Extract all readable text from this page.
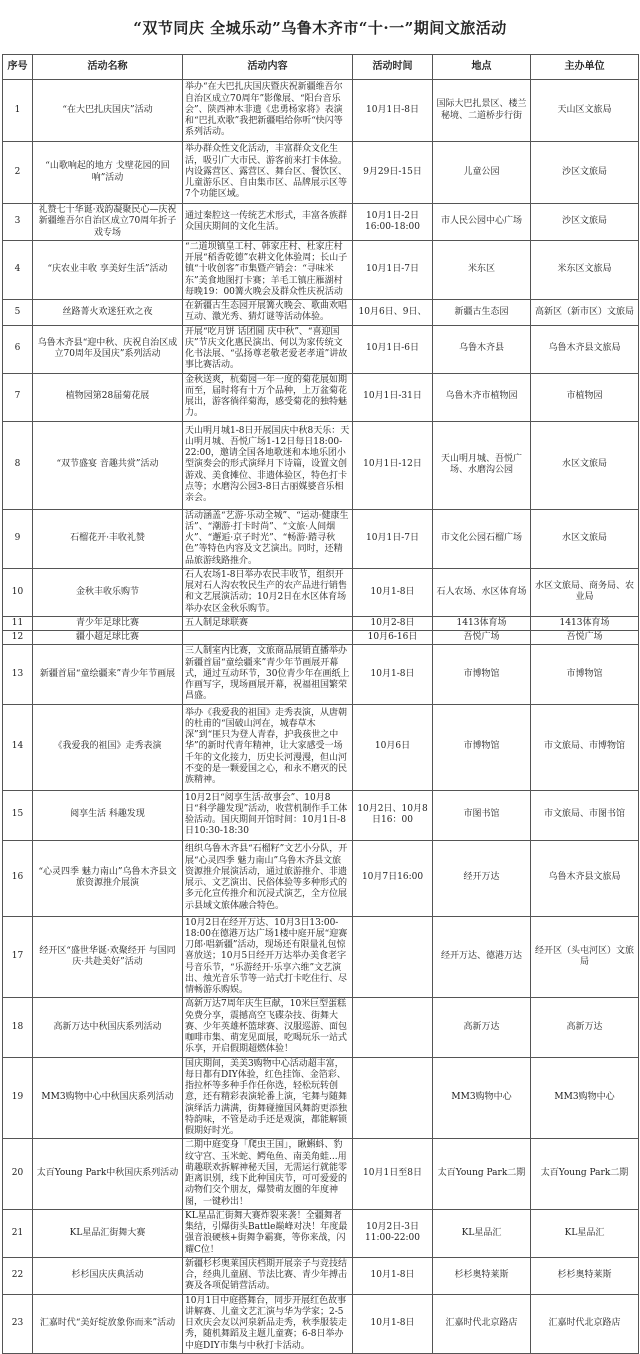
“双节同庆 全城乐动”乌鲁木齐市“十·一”期间文旅活动
序号	活动名称	活动内容	活动时间	地点	主办单位
1	“在大巴扎庆国庆”活动	举办“在大巴扎庆国庆暨庆祝新疆维吾尔自治区成立70周年”影像展、“阳台音乐会”、陕西神木非遗《忠勇杨家将》表演和“巴扎欢歌”我把新疆唱给你听“快闪等系列活动。	10月1日-8日	国际大巴扎景区、楼兰秘境、二道桥步行街	天山区文旅局
2	“山歌响起的地方 戈壁花园的回响”活动	举办群众性文化活动，丰富群众文化生活，吸引广大市民、游客前来打卡体验。内设露营区、露营区、舞台区、餐饮区、儿童游乐区、自由集市区、品牌展示区等7个功能区域。	9月29日-15日	儿童公园	沙区文旅局
3	礼赞七十华诞·戏韵凝聚民心—庆祝新疆维吾尔自治区成立70周年折子戏专场	通过秦腔这一传统艺术形式，丰富各族群众国庆期间的文化生活。	10月1日-2日16:00-18:00	市人民公园中心广场	沙区文旅局
4	“庆农业丰收 享美好生活”活动	“二道坝镇皇工村、韩家庄村、杜家庄村开展“稻香乾德”农耕文化体验周；长山子镇“十收创客”市集暨产销会：“寻味米东”美食地图打卡赛；羊毛工镇庄雁湖村每晚19：00篝火晚会及群众性庆祝活动	10月1日-7日	米东区	米东区文旅局
5	丝路菁火欢迷狂欢之夜	在新疆古生态园开展篝火晚会、歌曲欢唱互动、激光秀、猜灯谜等活动体验。	10月6日、9日、	新疆古生态园	高新区（新市区）文旅局
6	乌鲁木齐县“迎中秋、庆祝自治区成立70周年及国庆”系列活动	开展“吃月饼 话团圆 庆中秋”、“喜迎国庆”节庆文化惠民演出、何以为家传统文化书法展、“弘扬尊老敬老爱老孝道”讲故事比赛活动。	10月1日-6日	乌鲁木齐县	乌鲁木齐县文旅局
7	植物园第28届菊花展	金秋送爽，杭菊园一年一度的菊花展如期而至，届时将有十万个品种，上万盆菊花展出，游客徜徉菊海，感受菊花的独特魅力。	10月1日-31日	乌鲁木齐市植物园	市植物园
8	“双节盛宴 音趣共赏”活动	天山明月城1-8日开展国庆中秋8天乐：天山明月城、吾悦广场1-12日每日18:00-22:00，邀请全国各地歌迷和本地乐团小型演奏会的形式演绎月下诗篇，设置文创游戏、美食摊位、非遗体验区，特色打卡点等；水磨沟公园3-8日古丽媒婆音乐相亲会。	10月1日-12日	天山明月城、吾悦广场、水磨沟公园	水区文旅局
9	石榴花开·丰收礼赞	活动涵盖“艺游·乐动全城”、“运动·健康生活”、“潮游·打卡时尚”、“文旅·人间烟火”、“邂逅·京子时光”、“畅游·踏寻秋色”等特色内容及文艺演出。同时，还精品旅游线路推介。	10月1日-7日	市文化公园石榴广场	水区文旅局
10	金秋丰收乐购节	石人农场1-8日举办农民丰收节，组织开展对石人沟农牧民生产的农产品进行销售和文艺展演活动；10月2日在水区体育场举办农区金秋乐购节。	10月1-8日	石人农场、水区体育场	水区文旅局、商务局、农业局
11	青少年足球比赛	五人制足球联赛	10月2-8日	1413体育场	1413体育场
12	疆小超足球比赛		10月6-16日	吾悦广场	吾悦广场
13	新疆首届“童绘疆来”青少年节画展	三人制室内比赛，文旅商品展销直播举办新疆首届“童绘疆来”青少年节画展开幕式，通过互动环节，30位青少年在画纸上作画写字，现场画展开幕，祝福祖国繁荣昌盛。	10月1-8日	市博物馆	市博物馆
14	《我爱我的祖国》走秀表演	举办《我爱我的祖国》走秀表演，从唐朝的杜甫的“国破山河在，城春草木深”到“匪只为登人青春，护我孩世之中华”的新时代青年精神，让大家感受一场千年的文化接力，历史长河漫漫，但山河不变的是一颗爱国之心，和永不磨灭的民族精神。	10月6日	市博物馆	市文旅局、市博物馆
15	阅享生活 科趣发现	10月2日“阅享生活·故事会”、10月8日“科学趣发现”活动，收营机制作手工体验活动。国庆期间开馆时间：10月1日-8日10:30-18:30	10月2日、10月8日16：00	市图书馆	市文旅局、市图书馆
16	“心灵四季 魅力南山”乌鲁木齐县文旅资源推介展演	组织乌鲁木齐县“石榴籽”文艺小分队，开展“心灵四季 魅力南山”乌鲁木齐县文旅资源推介展演活动，通过旅游推介、非遗展示、文艺演出、民俗体验等多种形式的多元化宣传推介和沉浸式演艺，全方位展示县域文旅体融合特色。	10月7日16:00	经开万达	乌鲁木齐县文旅局
17	经开区“盛世华诞·欢聚经开 与国同庆·共赴美好”活动	10月2日在经开万达、10月3日13:00-18:00在德港万达广场1楼中庭开展“迎赛刀郎·唱新疆”活动，现场还有限量礼包惊喜放送；10月5日经开万达举办美食老字号音乐节，“乐游经开·乐享六维”文艺演出、烛光音乐节等一站式打卡吃住行、尽情畅游乐购娱。		经开万达、德港万达	经开区（头屯河区）文旅局
18	高新万达中秋国庆系列活动	高新万达7周年庆生巨献，10米巨型蛋糕免费分享，震撼高空飞碟杂技、街舞大赛、少年英雄杯篮球赛、汉服巡游、面包咖啡市集、萌宠见面展，吃喝玩乐一站式乐享，开启假期超燃体验！		高新万达	高新万达
19	MM3购物中心中秋国庆系列活动	国庆期间，美美3购物中心活动超丰富，每日都有DIY体验，红色挂饰、金箔彩、指拉杯等多种手作任你选，轻松玩转创意，还有精彩表演轮番上演，宅舞与随舞演绎活力满满，街舞碰撞国风舞韵更添独特韵味，不管是动手还是观演，都能解锁假期好时光。		MM3购物中心	MM3购物中心
20	太百Young Park中秋国庆系列活动	二期中庭变身「爬虫王国」，瞅蝌蚪、豹纹守宫、玉米蛇、鳄龟鱼、南美角蛙...用萌趣联欢拆解神秘天国，无需运行就能零距离识别，线下此种国庆节，可可爱爱的动物们交个朋友，爆赞萌友圈的年度神图，一键秒出！	10月1日至8日	太百Young Park二期	太百Young Park二期
21	KL星品汇街舞大赛	KL星品汇街舞大赛炸裂来袭！全疆舞者集结，引爆街头Battle巅峰对决！年度最强音浪硬核+街舞争霸赛，等你来战，闪耀C位！	10月2日-3日11:00-22:00	KL星品汇	KL星品汇
22	杉杉国庆庆典活动	新疆杉杉奥莱国庆档期开展亲子与竞技结合，经典儿童剧、节法比赛、青少年搏击赛及各项促销营活动。	10月1-8日	杉杉奥特莱斯	杉杉奥特莱斯
23	汇嘉时代“美好绽放象你而来”活动	10月1日中庭搭舞台，同步开展红色故事讲解赛、儿童文艺汇演与华为学家；2-5日欢庆会友以河泉新品走秀，秋季服装走秀，随机舞蹈及主题儿童赛；6-8日举办中庭DIY市集与中秋打卡活动。	10月1-8日	汇嘉时代北京路店	汇嘉时代北京路店
